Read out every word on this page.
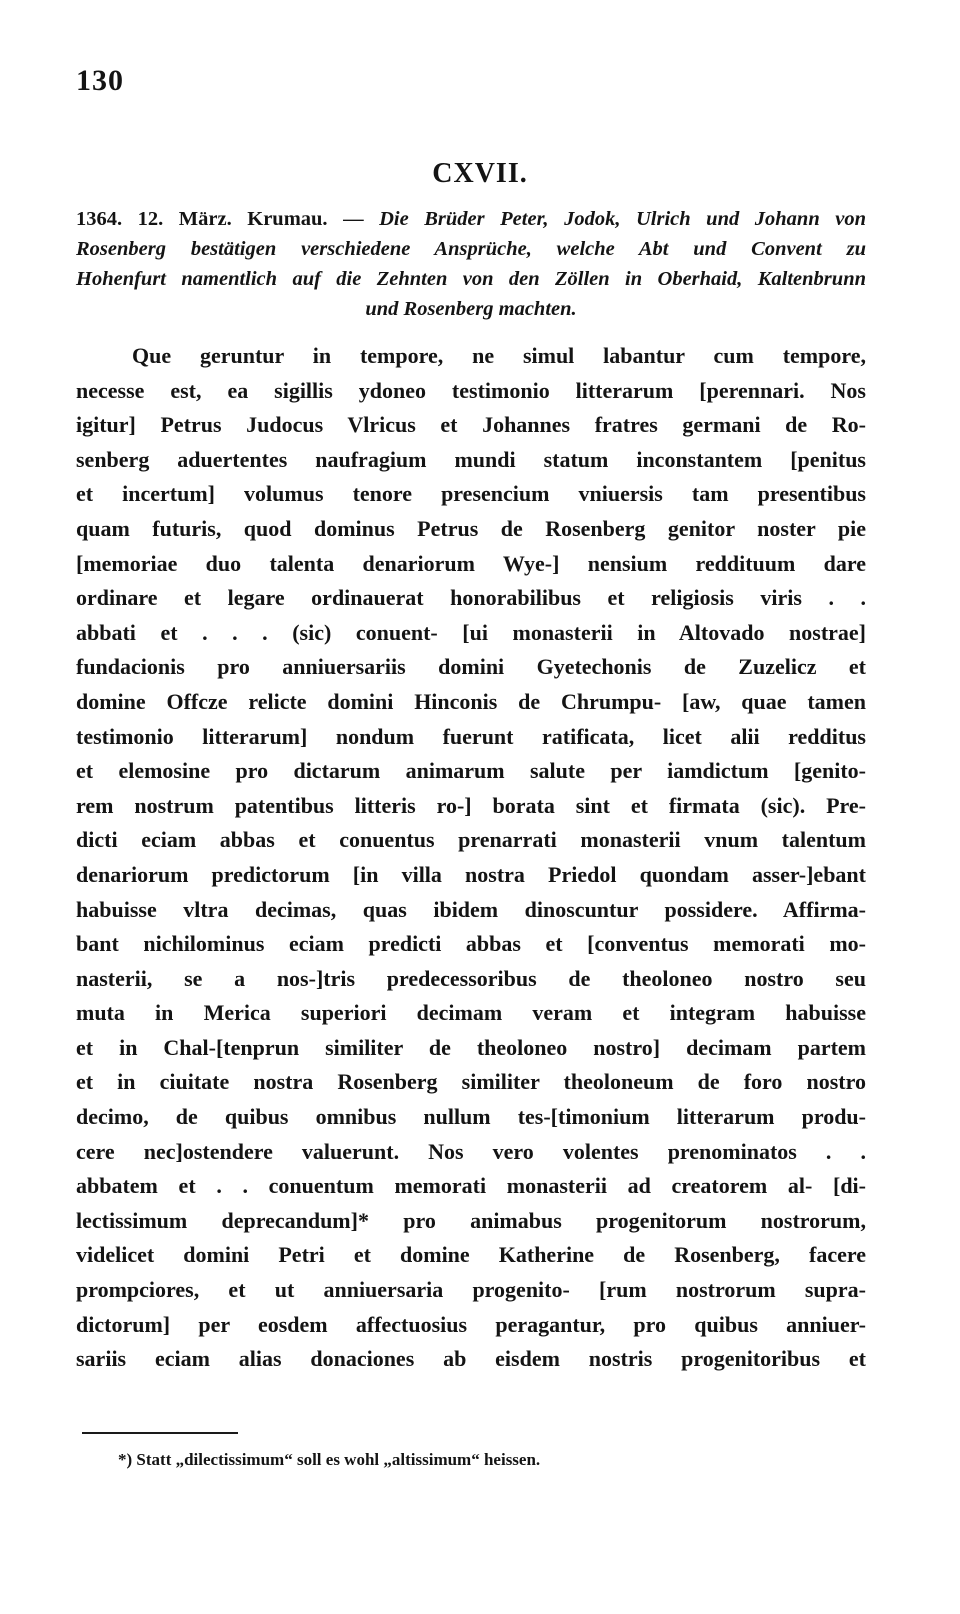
130
CXVII.
1364. 12. März. Krumau. — Die Brüder Peter, Jodok, Ulrich und Johann von
Rosenberg bestätigen verschiedene Ansprüche, welche Abt und Convent zu
Hohenfurt namentlich auf die Zehnten von den Zöllen in Oberhaid, Kaltenbrunn
und Rosenberg machten.
Que geruntur in tempore, ne simul labantur cum tempore,
necesse est, ea sigillis ydoneo testimonio litterarum [perennari. Nos
igitur] Petrus Judocus Vlricus et Johannes fratres germani de Ro-
senberg aduertentes naufragium mundi statum inconstantem [penitus
et incertum] volumus tenore presencium vniuersis tam presentibus
quam futuris, quod dominus Petrus de Rosenberg genitor noster pie
[memoriae duo talenta denariorum Wye-] nensium reddituum dare
ordinare et legare ordinauerat honorabilibus et religiosis viris . .
abbati et . . . (sic) conuent- [ui monasterii in Altovado nostrae]
fundacionis pro anniuersariis domini Gyetechonis de Zuzelicz et
domine Offcze relicte domini Hinconis de Chrumpu- [aw, quae tamen
testimonio litterarum] nondum fuerunt ratificata, licet alii redditus
et elemosine pro dictarum animarum salute per iamdictum [genito-
rem nostrum patentibus litteris ro-] borata sint et firmata (sic). Pre-
dicti eciam abbas et conuentus prenarrati monasterii vnum talentum
denariorum predictorum [in villa nostra Priedol quondam asser-]ebant
habuisse vltra decimas, quas ibidem dinoscuntur possidere. Affirma-
bant nichilominus eciam predicti abbas et [conventus memorati mo-
nasterii, se a nos-]tris predecessoribus de theoloneo nostro seu
muta in Merica superiori decimam veram et integram habuisse
et in Chal-[tenprun similiter de theoloneo nostro] decimam partem
et in ciuitate nostra Rosenberg similiter theoloneum de foro nostro
decimo, de quibus omnibus nullum tes-[timonium litterarum produ-
cere nec]ostendere valuerunt. Nos vero volentes prenominatos . .
abbatem et . . conuentum memorati monasterii ad creatorem al- [di-
lectissimum deprecandum]* pro animabus progenitorum nostrorum,
videlicet domini Petri et domine Katherine de Rosenberg, facere
prompciores, et ut anniuersaria progenito- [rum nostrorum supra-
dictorum] per eosdem affectuosius peragantur, pro quibus anniuer-
sariis eciam alias donaciones ab eisdem nostris progenitoribus et
*) Statt „dilectissimum“ soll es wohl „altissimum“ heissen.
